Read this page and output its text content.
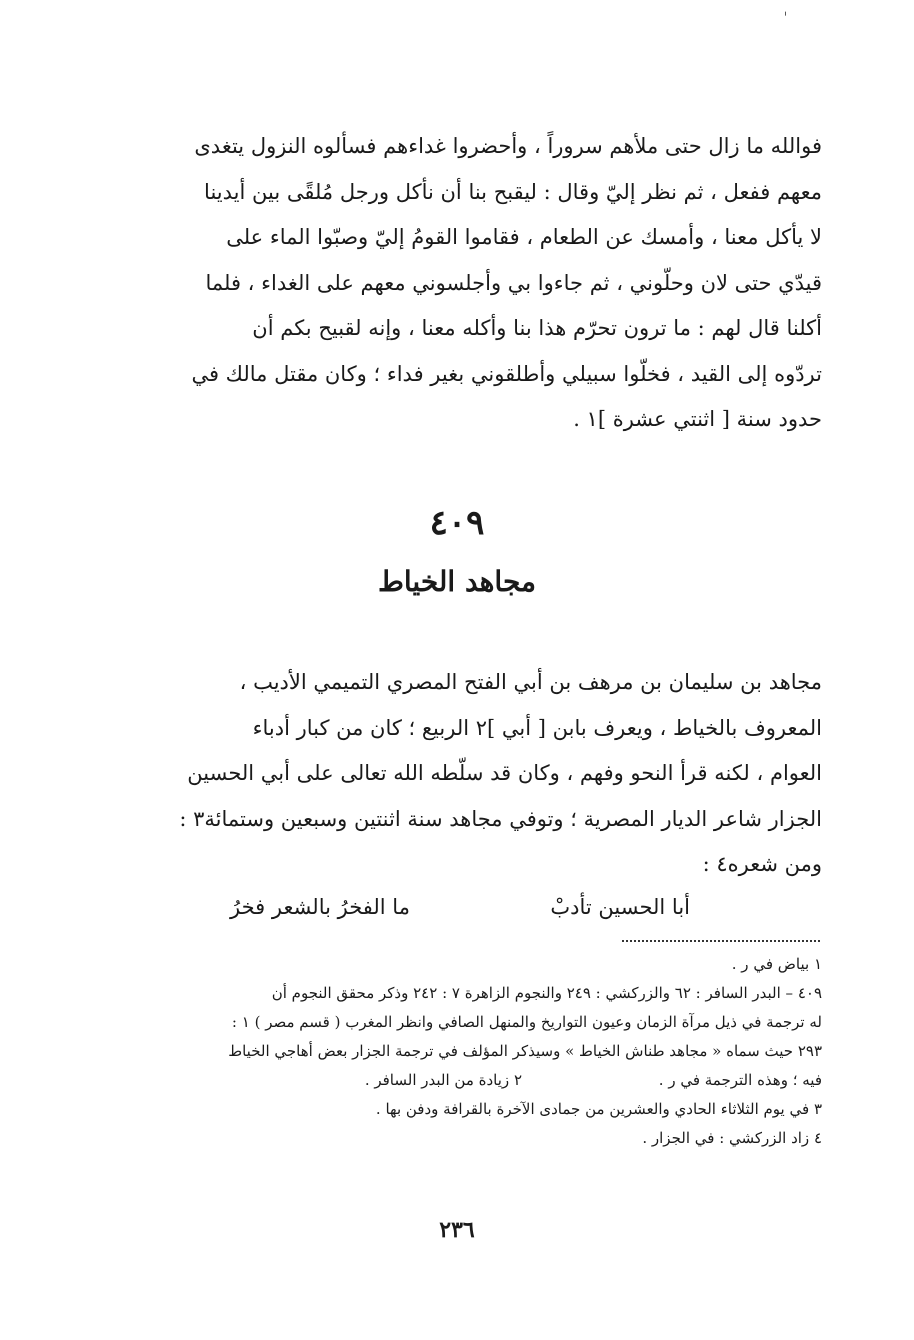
فوالله ما زال حتى ملأهم سروراً ، وأحضروا غداءهم فسألوه النزول يتغدى
معهم ففعل ، ثم نظر إليّ وقال : ليقبح بنا أن نأكل ورجل مُلقًى بين أيدينا
لا يأكل معنا ، وأمسك عن الطعام ، فقاموا القومُ إليّ وصبّوا الماء على
قيدّي حتى لان وحلّوني ، ثم جاءوا بي وأجلسوني معهم على الغداء ، فلما
أكلنا قال لهم : ما ترون تحرّم هذا بنا وأكله معنا ، وإنه لقبيح بكم أن
تردّوه إلى القيد ، فخلّوا سبيلي وأطلقوني بغير فداء ؛ وكان مقتل مالك في
حدود سنة [ اثنتي عشرة ]١ .
٤٠٩
مجاهد الخياط
مجاهد بن سليمان بن مرهف بن أبي الفتح المصري التميمي الأديب ،
المعروف بالخياط ، ويعرف بابن [ أبي ]٢ الربيع ؛ كان من كبار أدباء
العوام ، لكنه قرأ النحو وفهم ، وكان قد سلّطه الله تعالى على أبي الحسين
الجزار شاعر الديار المصرية ؛ وتوفي مجاهد سنة اثنتين وسبعين وستمائة٣ :
ومن شعره٤ :
أبا الحسين تأدبْ
ما الفخرُ بالشعر فخرُ
١ بياض في ر .
٤٠٩ – البدر السافر : ٦٢ والزركشي : ٢٤٩ والنجوم الزاهرة ٧ : ٢٤٢ وذكر محقق النجوم أن
له ترجمة في ذيل مرآة الزمان وعيون التواريخ والمنهل الصافي وانظر المغرب ( قسم مصر ) ١ :
٢٩٣ حيث سماه « مجاهد طناش الخياط » وسيذكر المؤلف في ترجمة الجزار بعض أهاجي الخياط
فيه ؛ وهذه الترجمة في ر .
٢ زيادة من البدر السافر .
٣ في يوم الثلاثاء الحادي والعشرين من جمادى الآخرة بالقرافة ودفن بها .
٤ زاد الزركشي : في الجزار .
٢٣٦
